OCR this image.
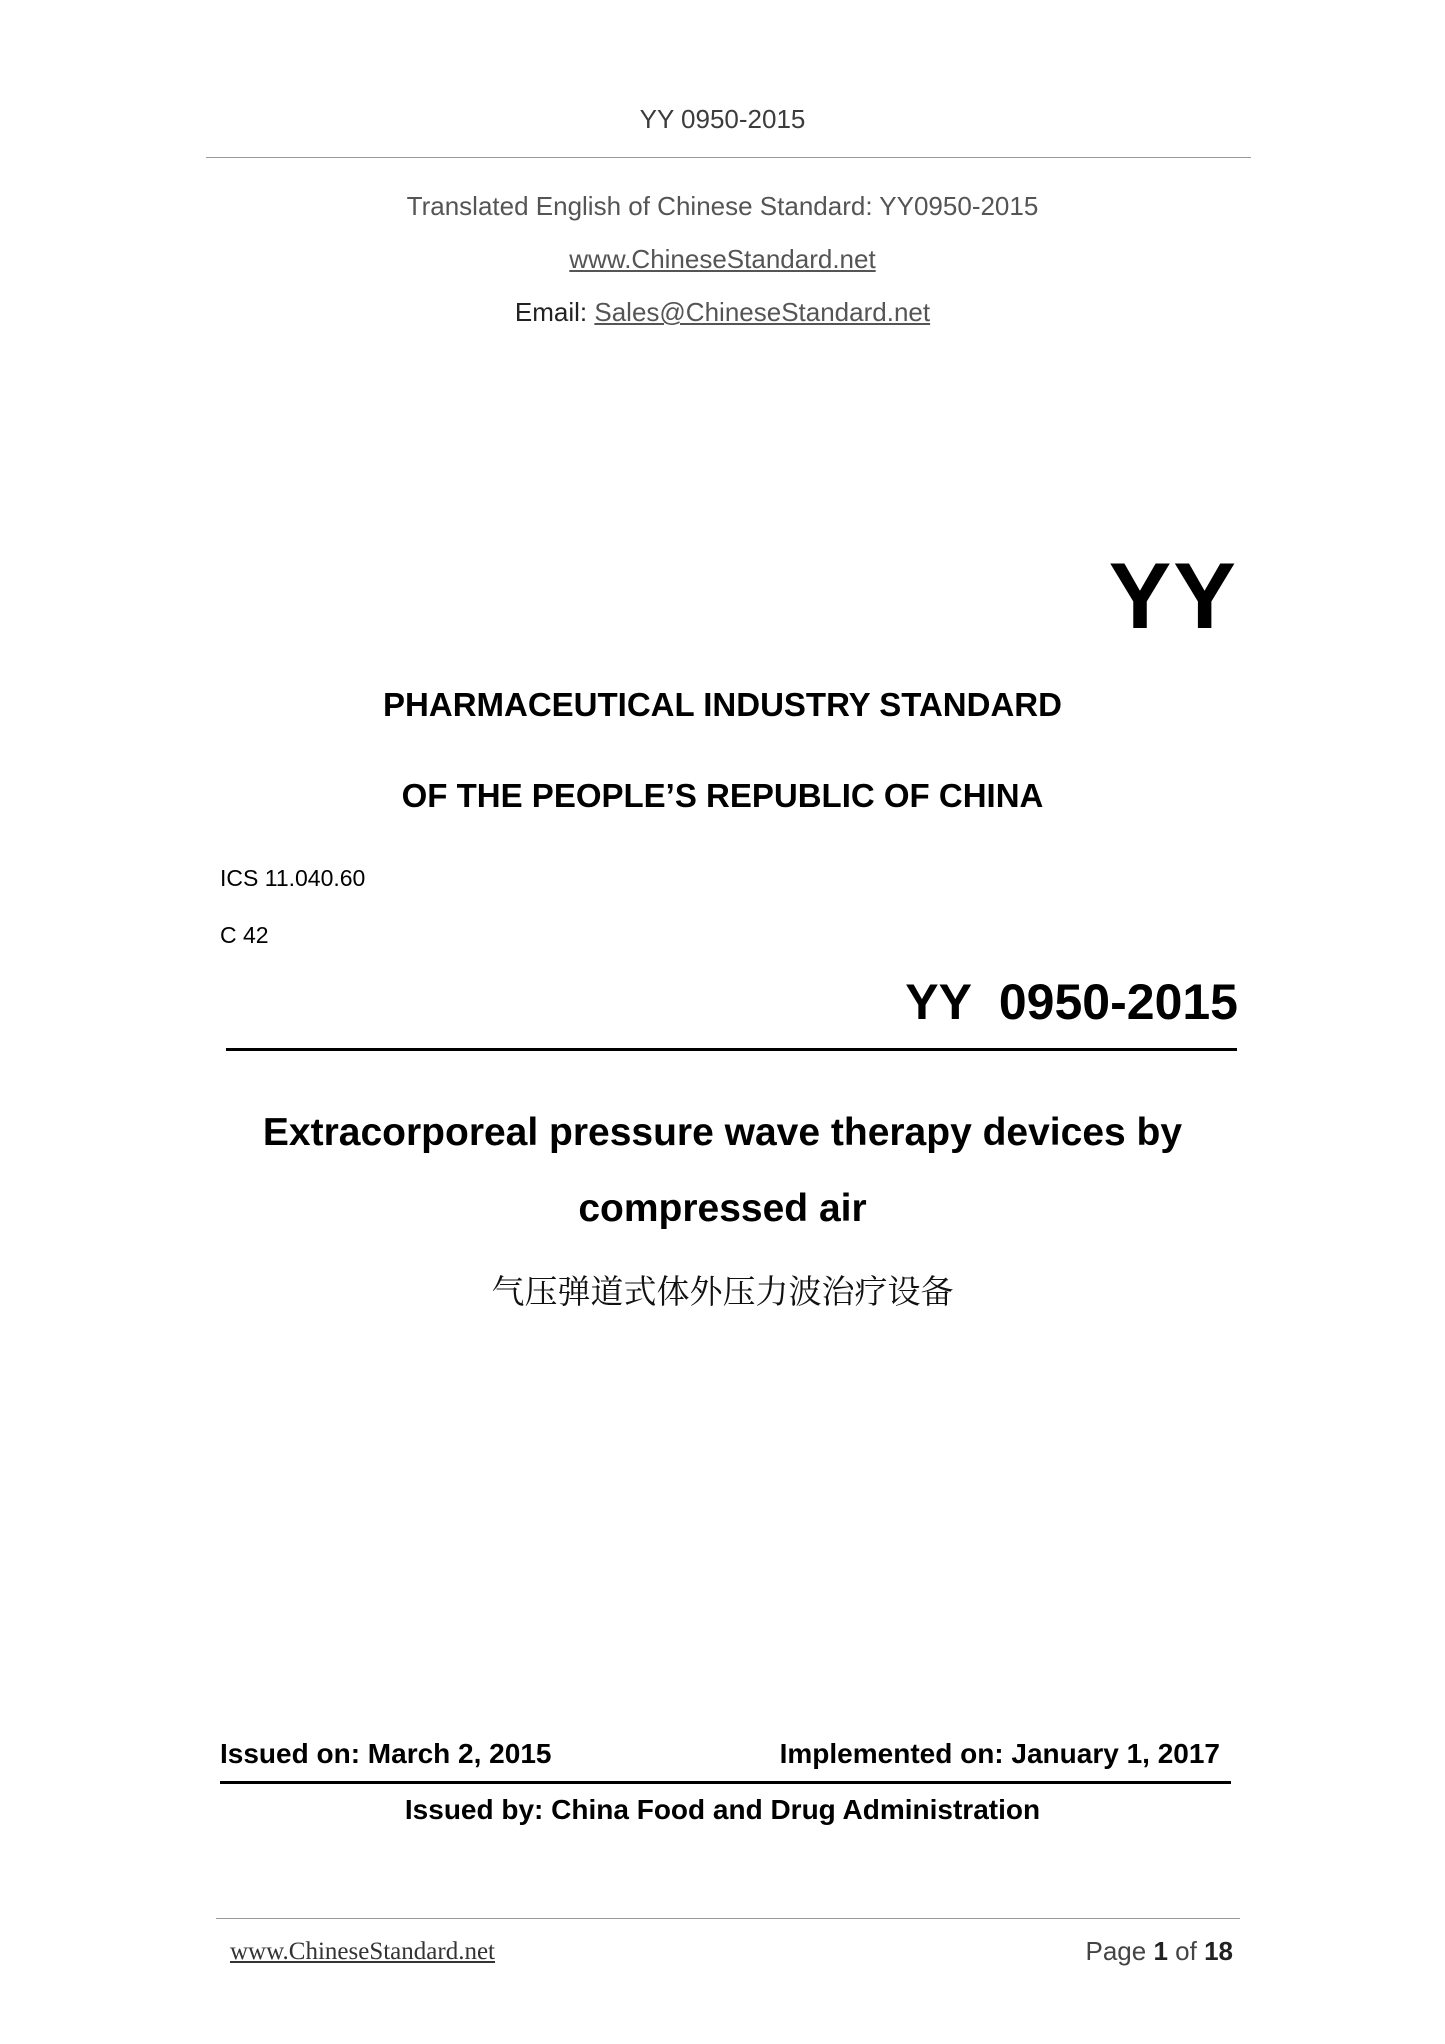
YY 0950-2015
Translated English of Chinese Standard: YY0950-2015
www.ChineseStandard.net
Email: Sales@ChineseStandard.net
YY
PHARMACEUTICAL INDUSTRY STANDARD
OF THE PEOPLE’S REPUBLIC OF CHINA
ICS 11.040.60
C 42
YY  0950-2015
Extracorporeal pressure wave therapy devices by
compressed air
气压弹道式体外压力波治疗设备
Issued on: March 2, 2015	Implemented on: January 1, 2017
Issued by: China Food and Drug Administration
www.ChineseStandard.net	Page 1 of 18
